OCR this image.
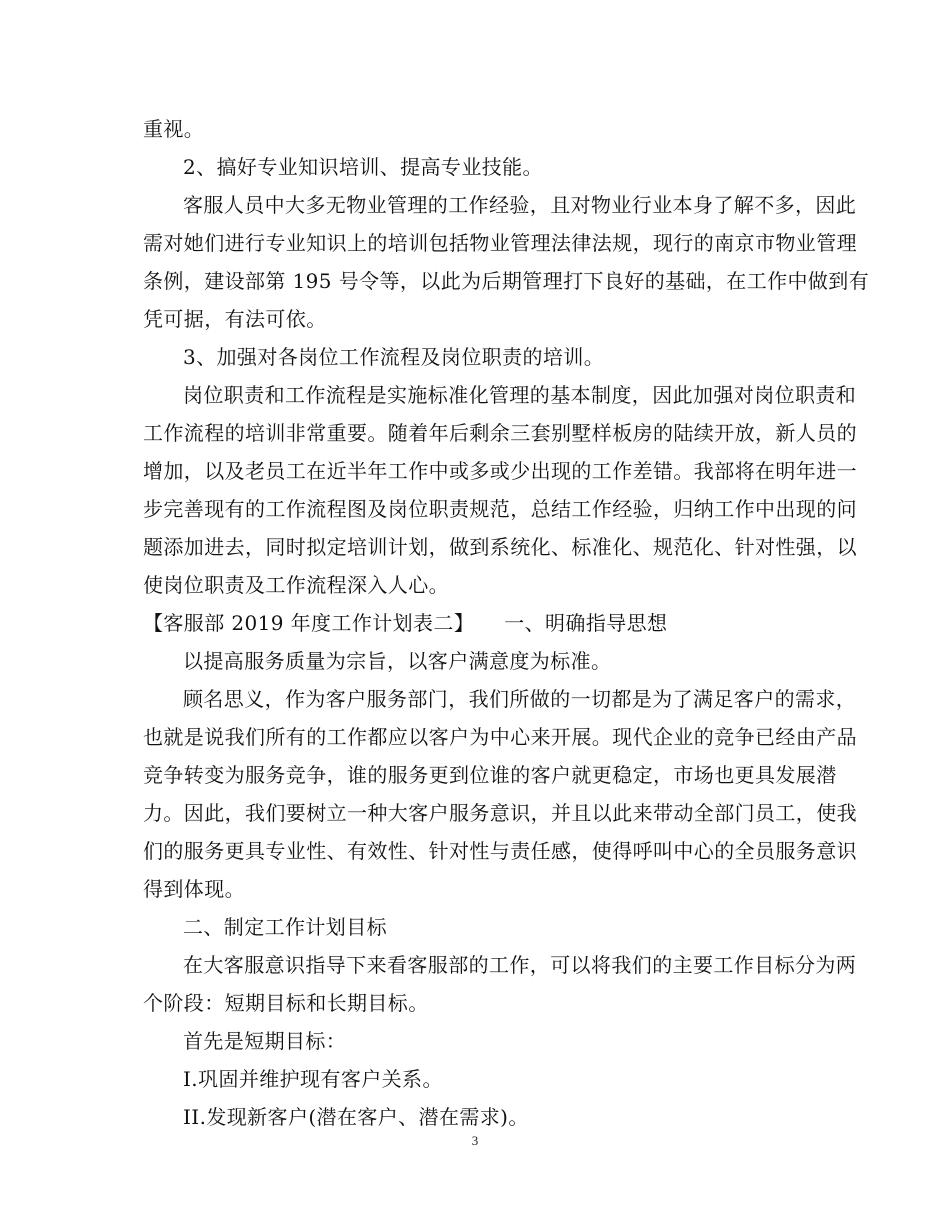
重视。
2、搞好专业知识培训、提高专业技能。
客服人员中大多无物业管理的工作经验，且对物业行业本身了解不多，因此
需对她们进行专业知识上的培训包括物业管理法律法规，现行的南京市物业管理
条例，建设部第 195 号令等，以此为后期管理打下良好的基础，在工作中做到有
凭可据，有法可依。
3、加强对各岗位工作流程及岗位职责的培训。
岗位职责和工作流程是实施标准化管理的基本制度，因此加强对岗位职责和
工作流程的培训非常重要。随着年后剩余三套别墅样板房的陆续开放，新人员的
增加，以及老员工在近半年工作中或多或少出现的工作差错。我部将在明年进一
步完善现有的工作流程图及岗位职责规范，总结工作经验，归纳工作中出现的问
题添加进去，同时拟定培训计划，做到系统化、标准化、规范化、针对性强，以
使岗位职责及工作流程深入人心。
【客服部 2019 年度工作计划表二】 一、明确指导思想
以提高服务质量为宗旨，以客户满意度为标准。
顾名思义，作为客户服务部门，我们所做的一切都是为了满足客户的需求，
也就是说我们所有的工作都应以客户为中心来开展。现代企业的竞争已经由产品
竞争转变为服务竞争，谁的服务更到位谁的客户就更稳定，市场也更具发展潜
力。因此，我们要树立一种大客户服务意识，并且以此来带动全部门员工，使我
们的服务更具专业性、有效性、针对性与责任感，使得呼叫中心的全员服务意识
得到体现。
二、制定工作计划目标
在大客服意识指导下来看客服部的工作，可以将我们的主要工作目标分为两
个阶段：短期目标和长期目标。
首先是短期目标：
I.巩固并维护现有客户关系。
II.发现新客户(潜在客户、潜在需求)。
3
